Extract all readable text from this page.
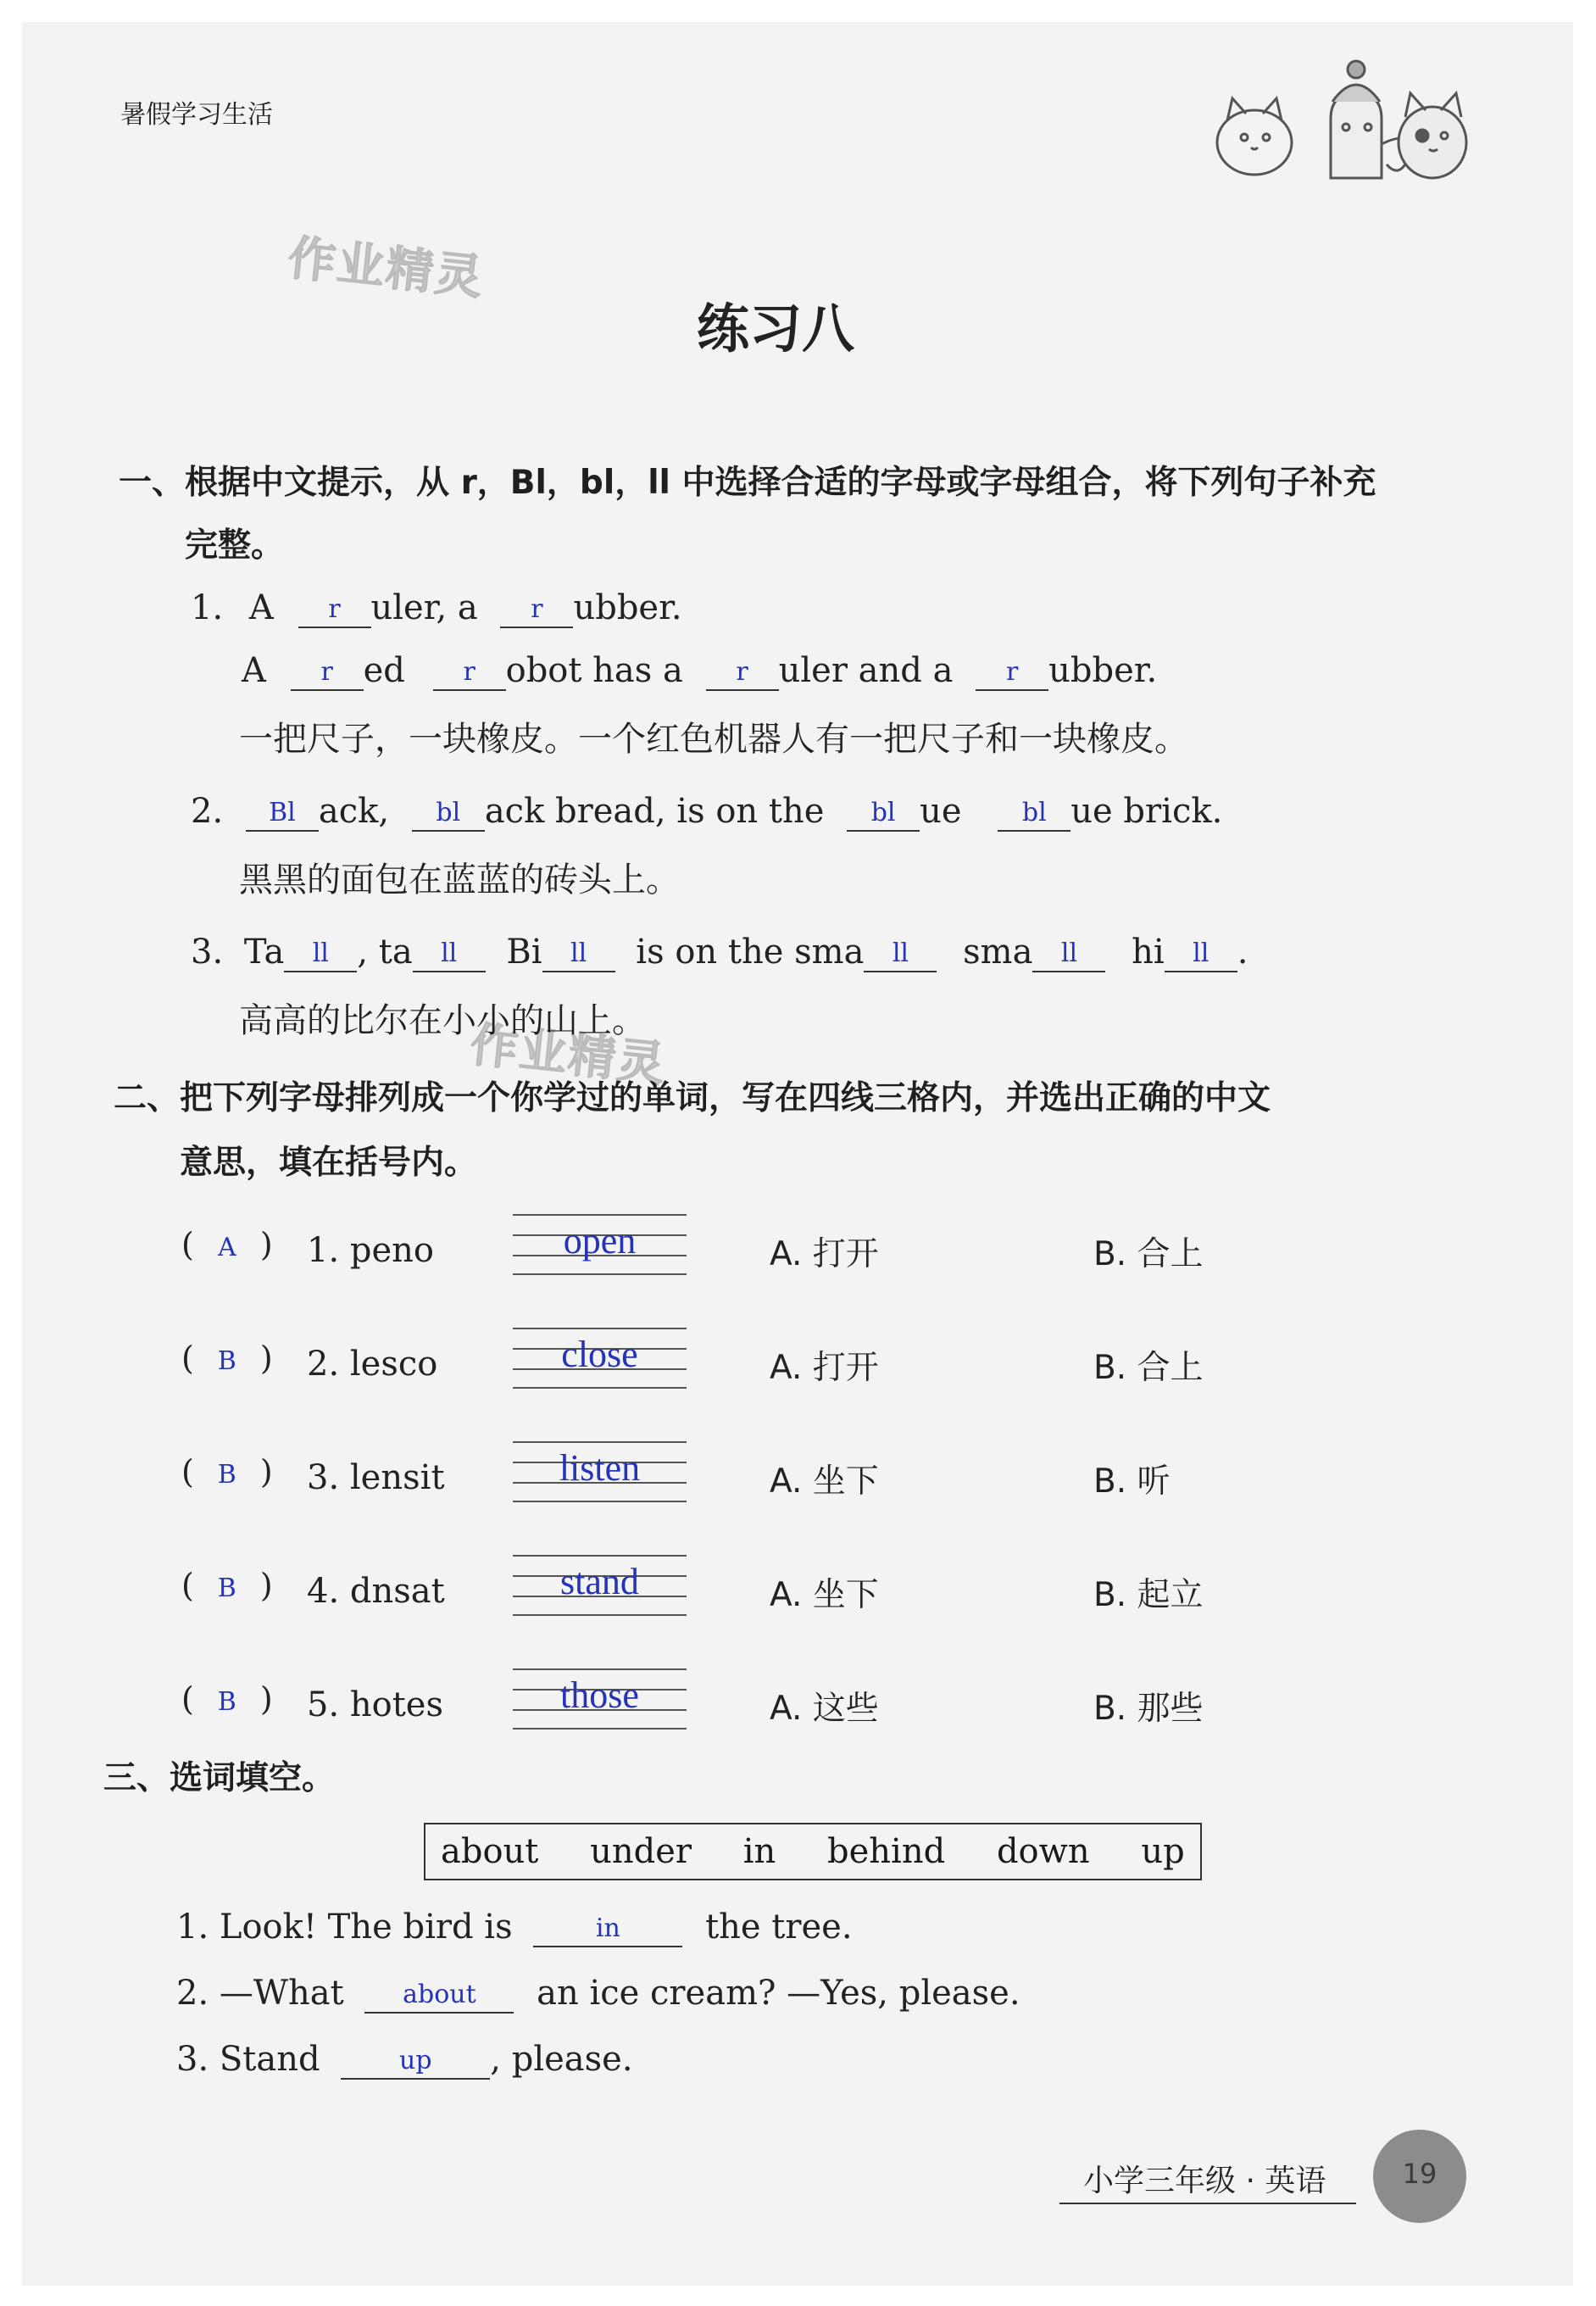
暑假学习生活
作业精灵
作业精灵
练习八
一、根据中文提示，从 r，Bl，bl，ll 中选择合适的字母或字母组合，将下列句子补充
完整。
1. A r uler, a r ubber.
A r ed r obot has a r uler and a r ubber.
一把尺子，一块橡皮。一个红色机器人有一把尺子和一块橡皮。
2. Bl ack, bl ack bread, is on the bl ue bl ue brick.
黑黑的面包在蓝蓝的砖头上。
3. Ta ll , ta ll Bi ll is on the sma ll sma ll hi ll .
高高的比尔在小小的山上。
二、把下列字母排列成一个你学过的单词，写在四线三格内，并选出正确的中文
意思，填在括号内。
( A ) 1. peno	open	A. 打开	B. 合上
( B ) 2. lesco	close	A. 打开	B. 合上
( B ) 3. lensit	listen	A. 坐下	B. 听
( B ) 4. dnsat	stand	A. 坐下	B. 起立
( B ) 5. hotes	those	A. 这些	B. 那些
三、选词填空。
about under in behind down up
1. Look! The bird is	in	the tree.
2. —What about an ice cream? —Yes, please.
3. Stand	up , please.
小学三年级 · 英语	19
